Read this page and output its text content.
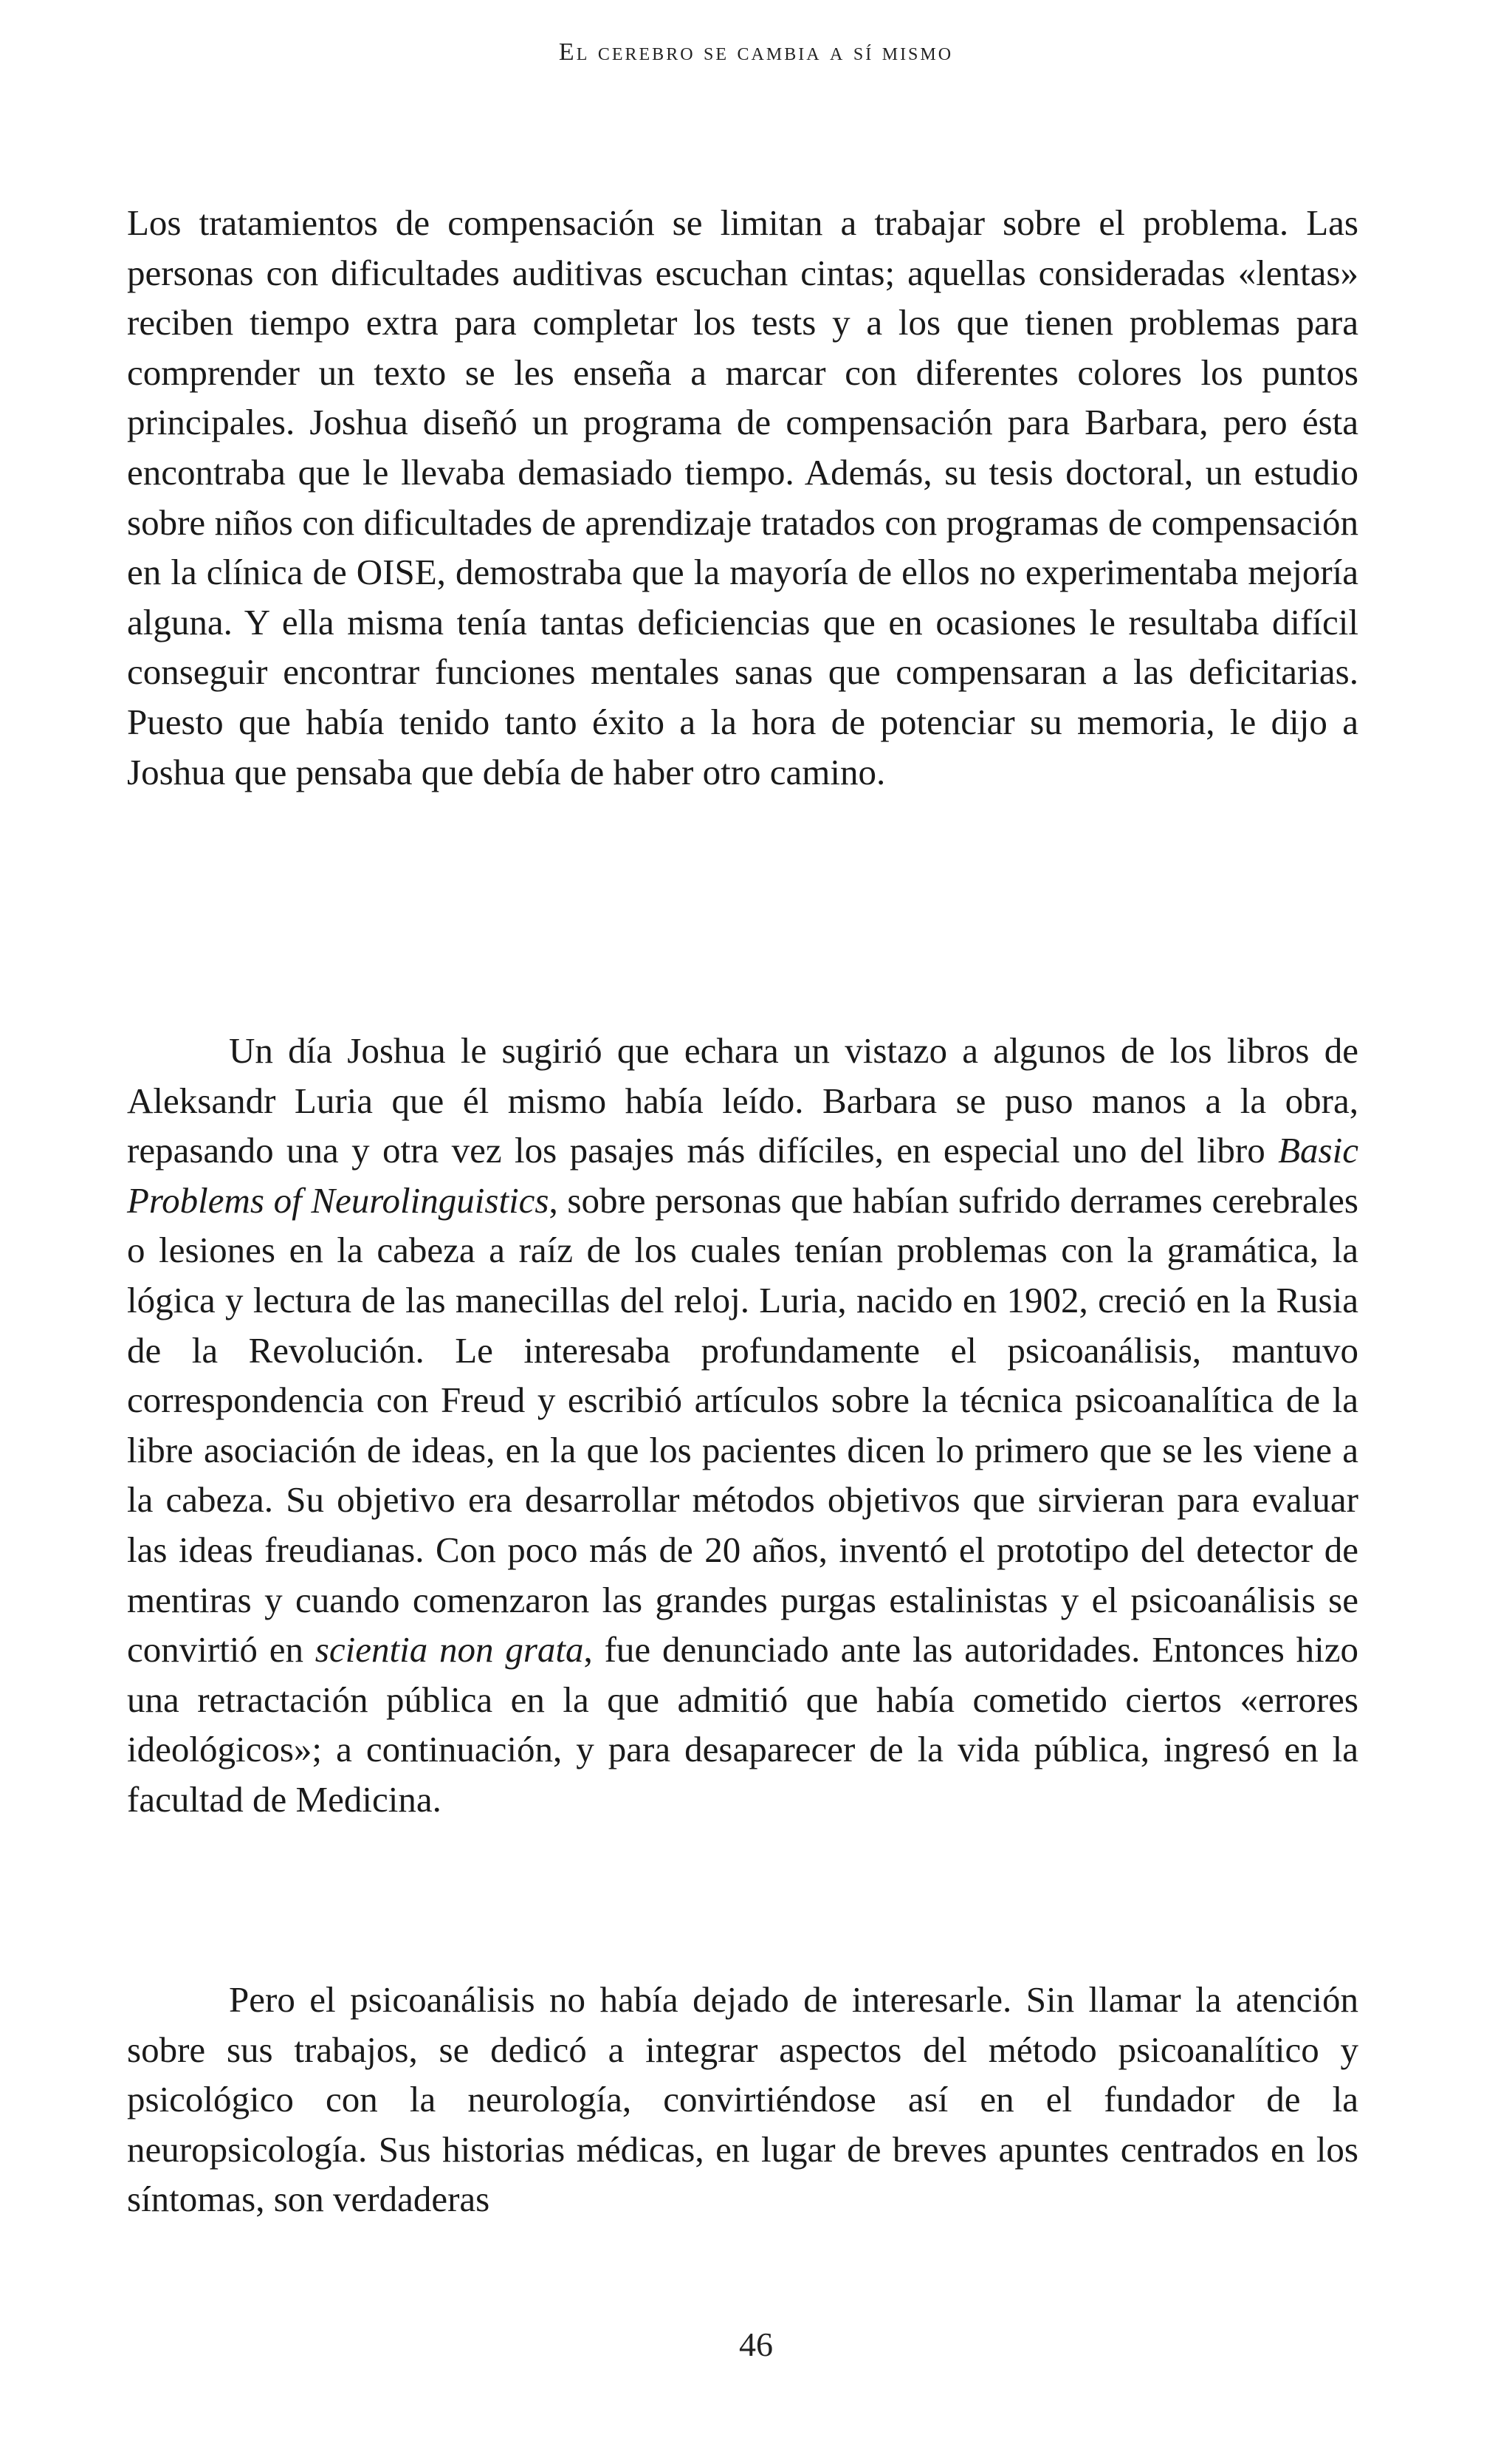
El cerebro se cambia a sí mismo

Los tratamientos de compensación se limitan a trabajar sobre el problema. Las personas con dificultades auditivas escuchan cintas; aquellas consideradas «lentas» reciben tiempo extra para completar los tests y a los que tienen problemas para comprender un texto se les enseña a marcar con diferentes colores los puntos principales. Joshua diseñó un programa de compensación para Barbara, pero ésta encontraba que le llevaba demasiado tiempo. Además, su tesis doctoral, un estudio sobre niños con dificultades de aprendizaje tratados con programas de compensación en la clínica de OISE, demostraba que la mayoría de ellos no experimentaba mejoría alguna. Y ella misma tenía tantas deficiencias que en ocasiones le resultaba difícil conseguir encontrar funciones mentales sanas que compensaran a las deficitarias. Puesto que había tenido tanto éxito a la hora de potenciar su memoria, le dijo a Joshua que pensaba que debía de haber otro camino.

Un día Joshua le sugirió que echara un vistazo a algunos de los libros de Aleksandr Luria que él mismo había leído. Barbara se puso manos a la obra, repasando una y otra vez los pasajes más difíciles, en especial uno del libro Basic Problems of Neurolinguistics, sobre personas que habían sufrido derrames cerebrales o lesiones en la cabeza a raíz de los cuales tenían problemas con la gramática, la lógica y lectura de las manecillas del reloj. Luria, nacido en 1902, creció en la Rusia de la Revolución. Le interesaba profundamente el psicoanálisis, mantuvo correspondencia con Freud y escribió artículos sobre la técnica psicoanalítica de la libre asociación de ideas, en la que los pacientes dicen lo primero que se les viene a la cabeza. Su objetivo era desarrollar métodos objetivos que sirvieran para evaluar las ideas freudianas. Con poco más de 20 años, inventó el prototipo del detector de mentiras y cuando comenzaron las grandes purgas estalinistas y el psicoanálisis se convirtió en scientia non grata, fue denunciado ante las autoridades. Entonces hizo una retractación pública en la que admitió que había cometido ciertos «errores ideológicos»; a continuación, y para desaparecer de la vida pública, ingresó en la facultad de Medicina.

Pero el psicoanálisis no había dejado de interesarle. Sin llamar la atención sobre sus trabajos, se dedicó a integrar aspectos del método psicoanalítico y psicológico con la neurología, convirtiéndose así en el fundador de la neuropsicología. Sus historias médicas, en lugar de breves apuntes centrados en los síntomas, son verdaderas

46
